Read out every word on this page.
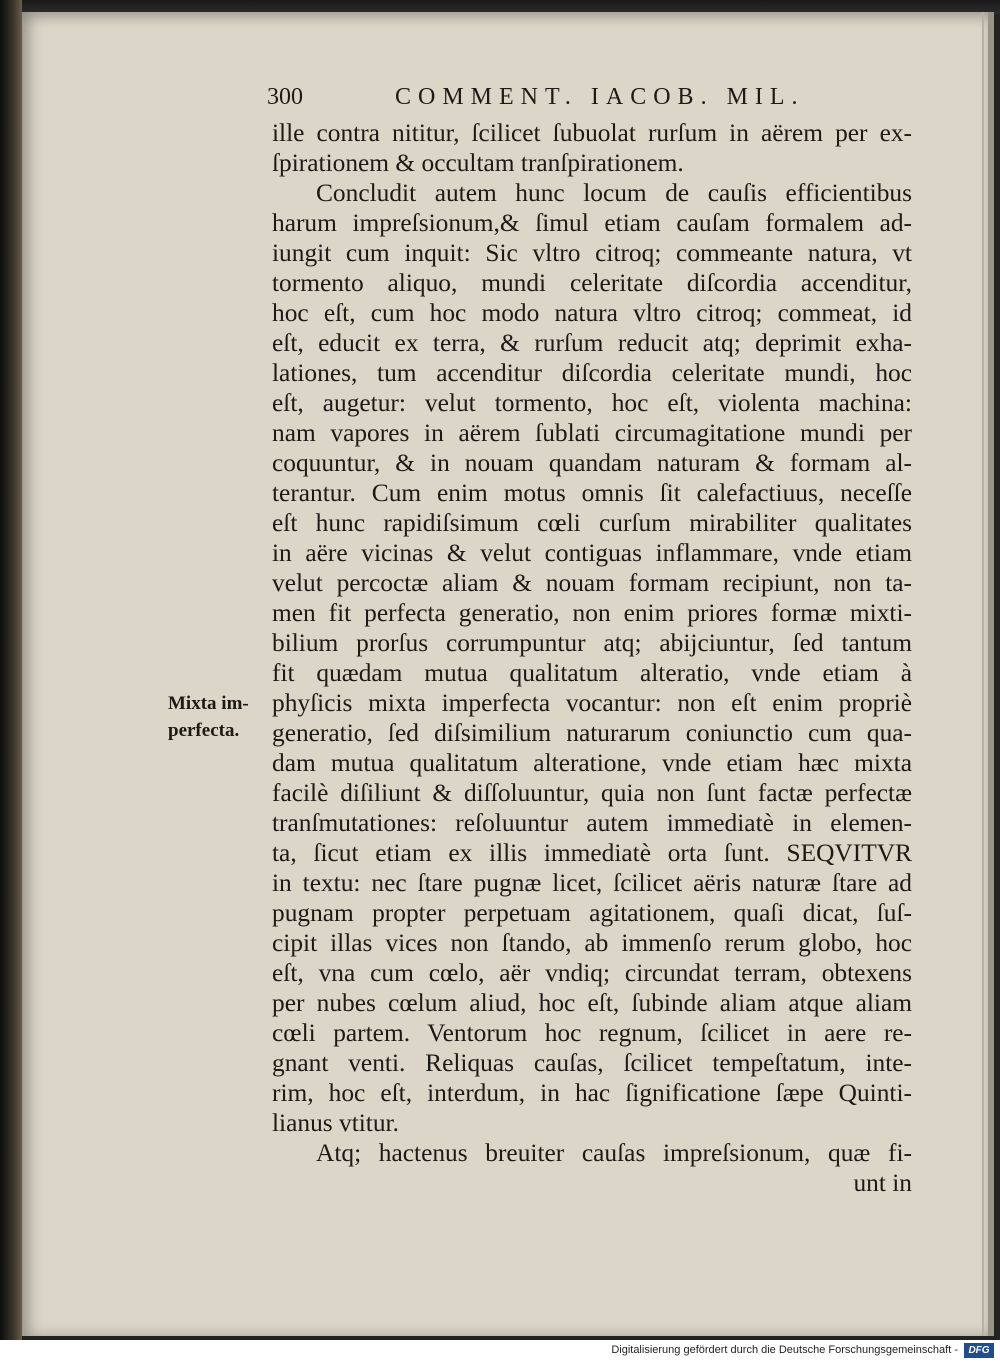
300	COMMENT. IACOB. MIL.
Mixta im-
perfecta.
ille contra nititur, ſcilicet ſubuolat rurſum in aërem per ex-
ſpirationem & occultam tranſpirationem.
Concludit autem hunc locum de cauſis efficientibus
harum impreſsionum,& ſimul etiam cauſam formalem ad-
iungit cum inquit: Sic vltro citroq; commeante natura, vt
tormento aliquo, mundi celeritate diſcordia accenditur,
hoc eſt, cum hoc modo natura vltro citroq; commeat, id
eſt, educit ex terra, & rurſum reducit atq; deprimit exha-
lationes, tum accenditur diſcordia celeritate mundi, hoc
eſt, augetur: velut tormento, hoc eſt, violenta machina:
nam vapores in aërem ſublati circumagitatione mundi per
coquuntur, & in nouam quandam naturam & formam al-
terantur. Cum enim motus omnis ſit calefactiuus, neceſſe
eſt hunc rapidiſsimum cœli curſum mirabiliter qualitates
in aëre vicinas & velut contiguas inflammare, vnde etiam
velut percoctæ aliam & nouam formam recipiunt, non ta-
men fit perfecta generatio, non enim priores formæ mixti-
bilium prorſus corrumpuntur atq; abijciuntur, ſed tantum
fit quædam mutua qualitatum alteratio, vnde etiam à
phyſicis mixta imperfecta vocantur: non eſt enim propriè
generatio, ſed diſsimilium naturarum coniunctio cum qua-
dam mutua qualitatum alteratione, vnde etiam hæc mixta
facilè diſiliunt & diſſoluuntur, quia non ſunt factæ perfectæ
tranſmutationes: reſoluuntur autem immediatè in elemen-
ta, ſicut etiam ex illis immediatè orta ſunt. SEQVITVR
in textu: nec ſtare pugnæ licet, ſcilicet aëris naturæ ſtare ad
pugnam propter perpetuam agitationem, quaſi dicat, ſuſ-
cipit illas vices non ſtando, ab immenſo rerum globo, hoc
eſt, vna cum cœlo, aër vndiq; circundat terram, obtexens
per nubes cœlum aliud, hoc eſt, ſubinde aliam atque aliam
cœli partem. Ventorum hoc regnum, ſcilicet in aere re-
gnant venti. Reliquas cauſas, ſcilicet tempeſtatum, inte-
rim, hoc eſt, interdum, in hac ſignificatione ſæpe Quinti-
lianus vtitur.
Atq; hactenus breuiter cauſas impreſsionum, quæ fi-
unt in
Digitalisierung gefördert durch die Deutsche Forschungsgemeinschaft -	DFG
